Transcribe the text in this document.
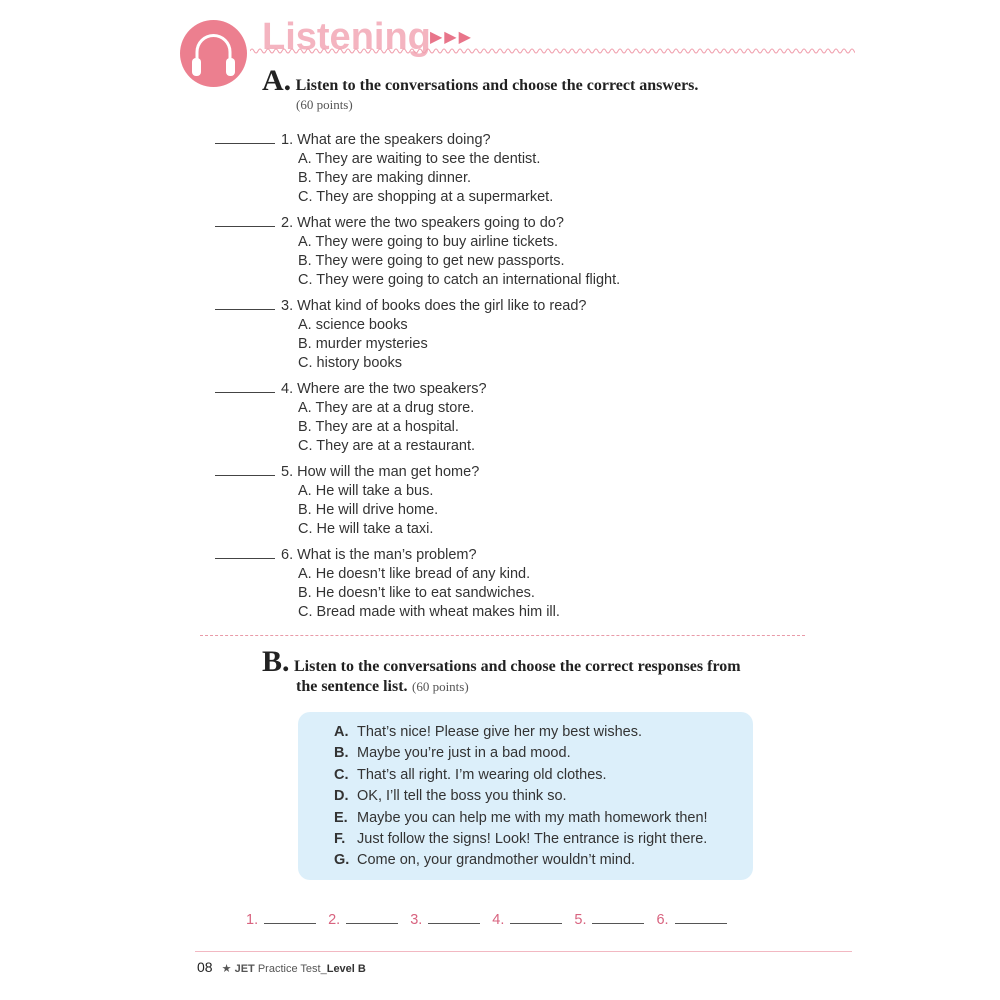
Listening ▶▶▶
A. Listen to the conversations and choose the correct answers.
(60 points)
1. What are the speakers doing?
A. They are waiting to see the dentist.
B. They are making dinner.
C. They are shopping at a supermarket.
2. What were the two speakers going to do?
A. They were going to buy airline tickets.
B. They were going to get new passports.
C. They were going to catch an international flight.
3. What kind of books does the girl like to read?
A. science books
B. murder mysteries
C. history books
4. Where are the two speakers?
A. They are at a drug store.
B. They are at a hospital.
C. They are at a restaurant.
5. How will the man get home?
A. He will take a bus.
B. He will drive home.
C. He will take a taxi.
6. What is the man’s problem?
A. He doesn’t like bread of any kind.
B. He doesn’t like to eat sandwiches.
C. Bread made with wheat makes him ill.
B. Listen to the conversations and choose the correct responses from
the sentence list. (60 points)
A. That’s nice! Please give her my best wishes.
B. Maybe you’re just in a bad mood.
C. That’s all right. I’m wearing old clothes.
D. OK, I’ll tell the boss you think so.
E. Maybe you can help me with my math homework then!
F. Just follow the signs! Look! The entrance is right there.
G. Come on, your grandmother wouldn’t mind.
1.	2.	3.	4.	5.	6.
08 ★ JET Practice Test_Level B
